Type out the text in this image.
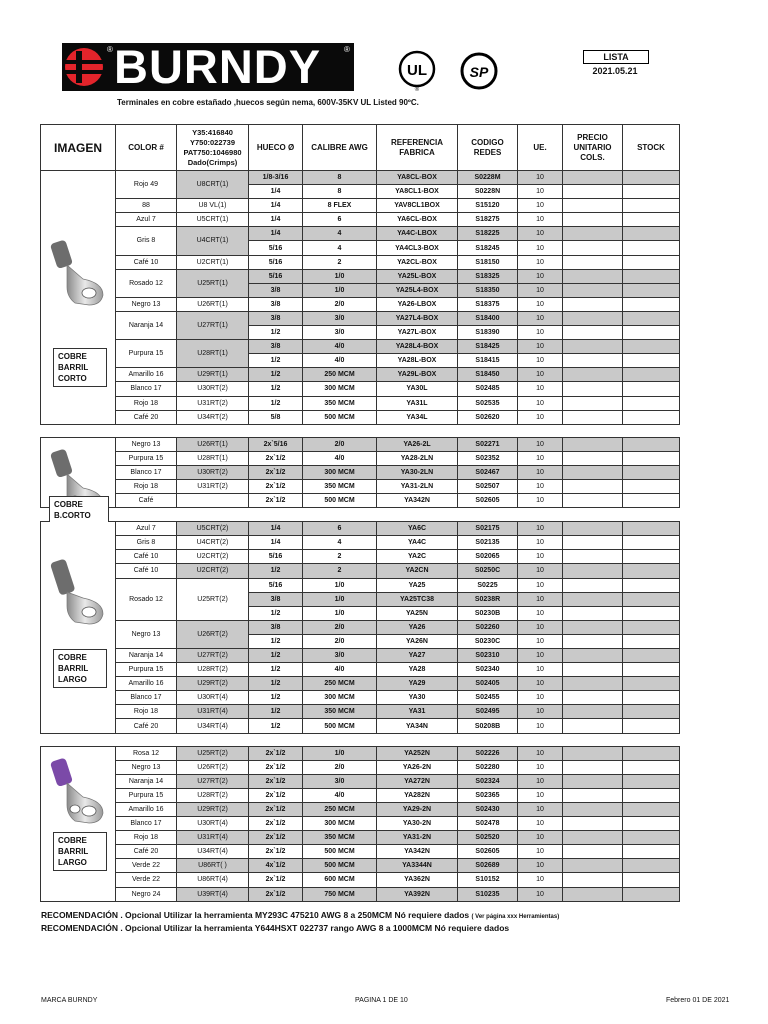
BURNDY
®	®
UL
®
SP
LISTA
2021.05.21
Terminales en cobre estañado ,huecos según nema, 600V-35KV UL Listed 90ºC.
IMAGEN	COLOR #	Y35:416840 Y750:022739 PAT750:1046980 Dado(Crimps)	HUECO Ø	CALIBRE AWG	REFERENCIA FABRICA	CODIGO REDES	UE.	PRECIO UNITARIO COLS.	STOCK

COBRE BARRIL CORTO	Rojo 49	U8CRT(1)	1/8-3/16	8	YA8CL-BOX	S0228M	10		
			1/4	8	YA8CL1-BOX	S0228N	10		
	88	U8 VL(1)	1/4	8 FLEX	YAV8CL1BOX	S15120	10		
	Azul 7	U5CRT(1)	1/4	6	YA6CL-BOX	S18275	10		
	Gris 8	U4CRT(1)	1/4	4	YA4C-LBOX	S18225	10		
			5/16	4	YA4CL3-BOX	S18245	10		
	Café 10	U2CRT(1)	5/16	2	YA2CL-BOX	S18150	10		
	Rosado 12	U25RT(1)	5/16	1/0	YA25L-BOX	S18325	10		
			3/8	1/0	YA25L4-BOX	S18350	10		
	Negro 13	U26RT(1)	3/8	2/0	YA26-LBOX	S18375	10		
	Naranja 14	U27RT(1)	3/8	3/0	YA27L4-BOX	S18400	10		
			1/2	3/0	YA27L-BOX	S18390	10		
	Purpura 15	U28RT(1)	3/8	4/0	YA28L4-BOX	S18425	10		
			1/2	4/0	YA28L-BOX	S18415	10		
	Amarillo 16	U29RT(1)	1/2	250 MCM	YA29L-BOX	S18450	10		
	Blanco 17	U30RT(2)	1/2	300 MCM	YA30L	S02485	10		
	Rojo 18	U31RT(2)	1/2	350 MCM	YA31L	S02535	10		
	Café 20	U34RT(2)	5/8	500 MCM	YA34L	S02620	10		

COBRE B.CORTO	Negro 13	U26RT(1)	2x`5/16	2/0	YA26-2L	S02271	10		
	Purpura 15	U28RT(1)	2x`1/2	4/0	YA28-2LN	S02352	10		
	Blanco 17	U30RT(2)	2x`1/2	300 MCM	YA30-2LN	S02467	10		
	Rojo 18	U31RT(2)	2x`1/2	350 MCM	YA31-2LN	S02507	10		
	Café		2x`1/2	500 MCM	YA342N	S02605	10		

COBRE BARRIL LARGO	Azul 7	U5CRT(2)	1/4	6	YA6C	S02175	10		
	Gris 8	U4CRT(2)	1/4	4	YA4C	S02135	10		
	Café 10	U2CRT(2)	5/16	2	YA2C	S02065	10		
	Café 10	U2CRT(2)	1/2	2	YA2CN	S0250C	10		
	Rosado 12	U25RT(2)	5/16	1/0	YA25	S0225	10		
			3/8	1/0	YA25TC38	S0238R	10		
			1/2	1/0	YA25N	S0230B	10		
	Negro 13	U26RT(2)	3/8	2/0	YA26	S02260	10		
			1/2	2/0	YA26N	S0230C	10		
	Naranja 14	U27RT(2)	1/2	3/0	YA27	S02310	10		
	Purpura 15	U28RT(2)	1/2	4/0	YA28	S02340	10		
	Amarillo 16	U29RT(2)	1/2	250 MCM	YA29	S02405	10		
	Blanco 17	U30RT(4)	1/2	300 MCM	YA30	S02455	10		
	Rojo 18	U31RT(4)	1/2	350 MCM	YA31	S02495	10		
	Café 20	U34RT(4)	1/2	500 MCM	YA34N	S0208B	10		

COBRE BARRIL LARGO	Rosa 12	U25RT(2)	2x`1/2	1/0	YA252N	S02226	10		
	Negro 13	U26RT(2)	2x`1/2	2/0	YA26-2N	S02280	10		
	Naranja 14	U27RT(2)	2x`1/2	3/0	YA272N	S02324	10		
	Purpura 15	U28RT(2)	2x`1/2	4/0	YA282N	S02365	10		
	Amarillo 16	U29RT(2)	2x`1/2	250 MCM	YA29-2N	S02430	10		
	Blanco 17	U30RT(4)	2x`1/2	300 MCM	YA30-2N	S02478	10		
	Rojo 18	U31RT(4)	2x`1/2	350 MCM	YA31-2N	S02520	10		
	Café 20	U34RT(4)	2x`1/2	500 MCM	YA342N	S02605	10		
	Verde 22	U86RT( )	4x`1/2	500 MCM	YA3344N	S02689	10		
	Verde 22	U86RT(4)	2x`1/2	600 MCM	YA362N	S10152	10		
	Negro 24	U39RT(4)	2x`1/2	750 MCM	YA392N	S10235	10		
RECOMENDACIÓN . Opcional Utilizar la herramienta MY293C 475210 AWG 8 a 250MCM Nó requiere dados ( Ver página xxx Herramientas)
RECOMENDACIÓN . Opcional Utilizar la herramienta Y644HSXT 022737 rango AWG 8 a 1000MCM Nó requiere dados
MARCA BURNDY	PAGINA 1 DE 10	Febrero 01 DE 2021
